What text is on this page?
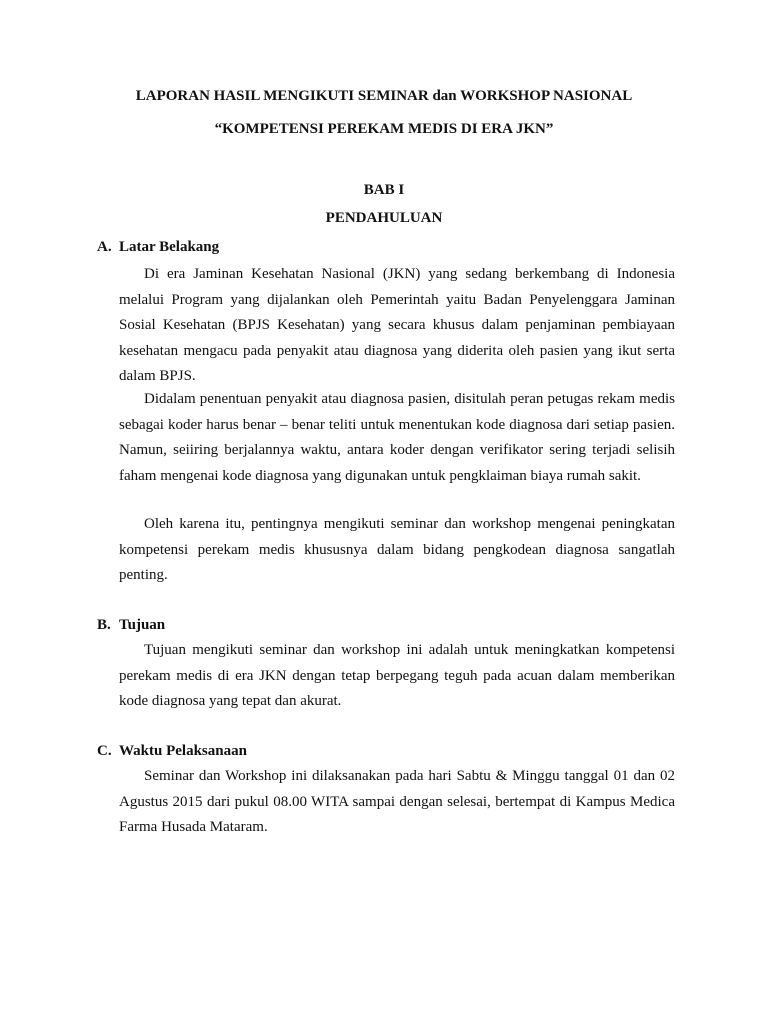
LAPORAN HASIL MENGIKUTI SEMINAR dan WORKSHOP NASIONAL
“KOMPETENSI PEREKAM MEDIS DI ERA JKN”
BAB I
PENDAHULUAN
A. Latar Belakang

Di era Jaminan Kesehatan Nasional (JKN) yang sedang berkembang di Indonesia melalui Program yang dijalankan oleh Pemerintah yaitu Badan Penyelenggara Jaminan Sosial Kesehatan (BPJS Kesehatan) yang secara khusus dalam penjaminan pembiayaan kesehatan mengacu pada penyakit atau diagnosa yang diderita oleh pasien yang ikut serta dalam BPJS.

Didalam penentuan penyakit atau diagnosa pasien, disitulah peran petugas rekam medis sebagai koder harus benar – benar teliti untuk menentukan kode diagnosa dari setiap pasien. Namun, seiiring berjalannya waktu, antara koder dengan verifikator sering terjadi selisih faham mengenai kode diagnosa yang digunakan untuk pengklaiman biaya rumah sakit.

Oleh karena itu, pentingnya mengikuti seminar dan workshop mengenai peningkatan kompetensi perekam medis khususnya dalam bidang pengkodean diagnosa sangatlah penting.

B. Tujuan

Tujuan mengikuti seminar dan workshop ini adalah untuk meningkatkan kompetensi perekam medis di era JKN dengan tetap berpegang teguh pada acuan dalam memberikan kode diagnosa yang tepat dan akurat.

C. Waktu Pelaksanaan

Seminar dan Workshop ini dilaksanakan pada hari Sabtu & Minggu tanggal 01 dan 02 Agustus 2015 dari pukul 08.00 WITA sampai dengan selesai, bertempat di Kampus Medica Farma Husada Mataram.
